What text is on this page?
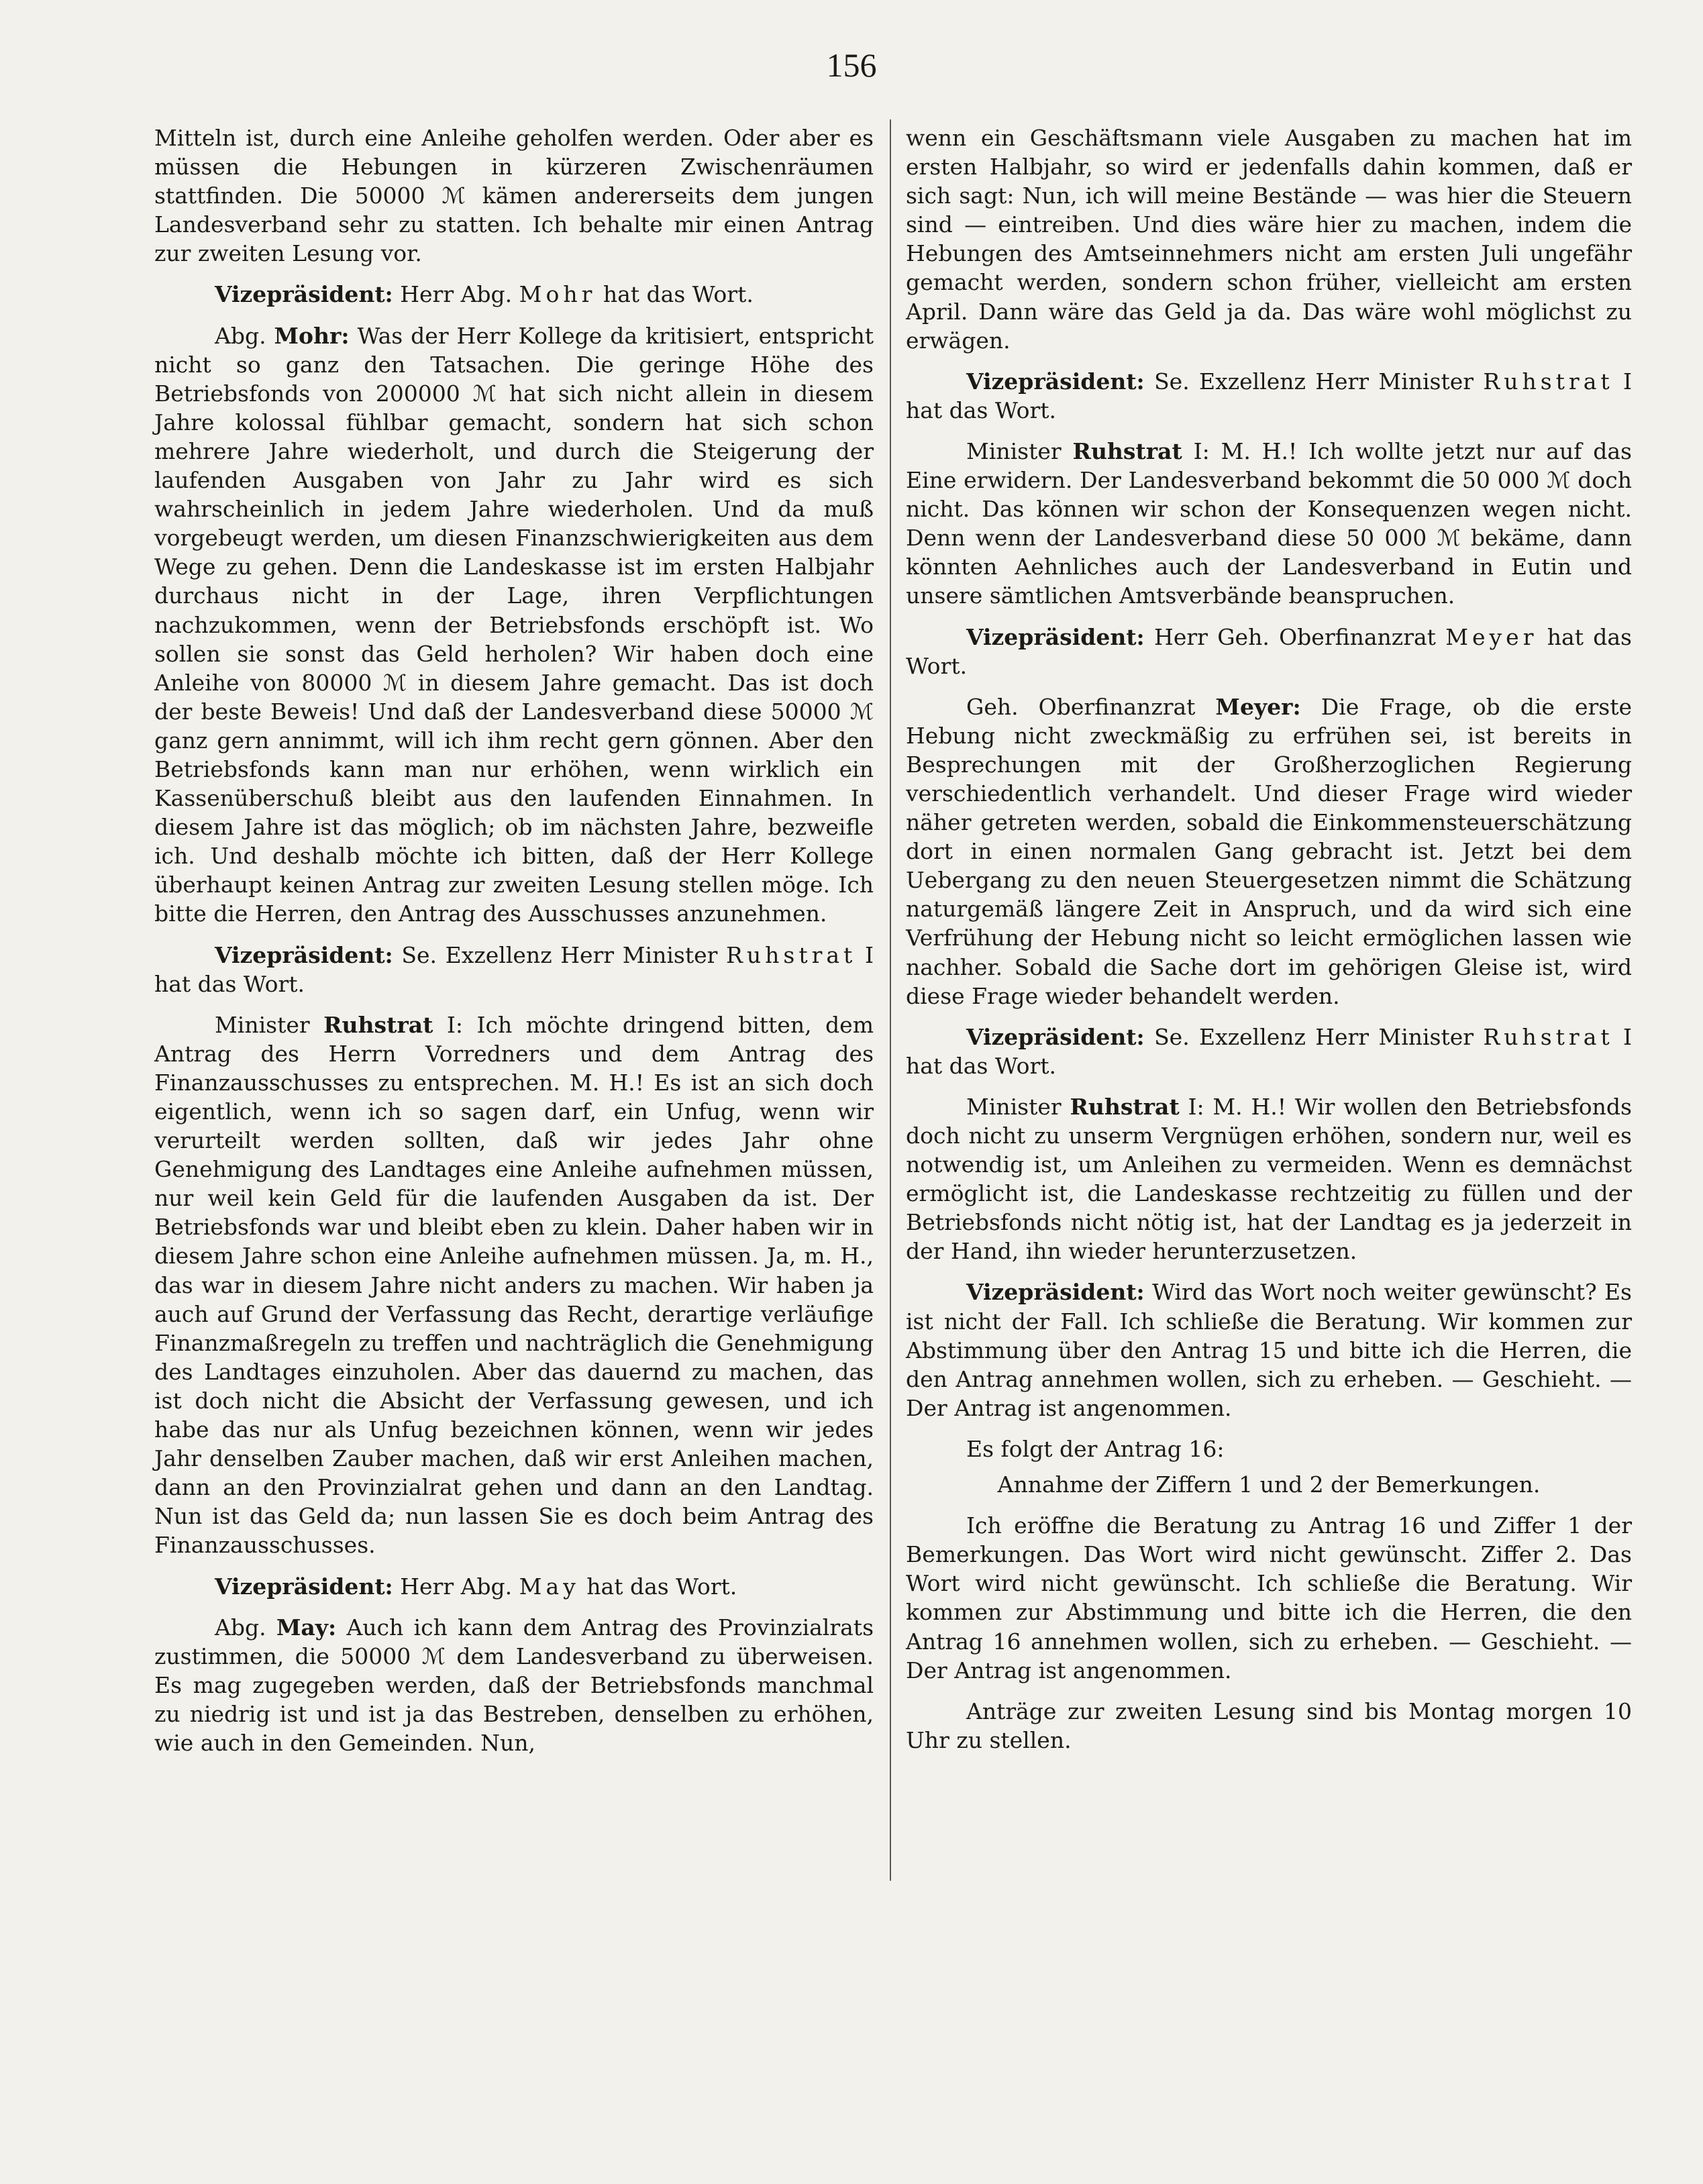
156

Mitteln ist, durch eine Anleihe geholfen werden. Oder aber es müssen die Hebungen in kürzeren Zwischenräumen stattfinden. Die 50000 ℳ kämen andererseits dem jungen Landesverband sehr zu statten. Ich behalte mir einen Antrag zur zweiten Lesung vor.

Vizepräsident: Herr Abg. Mohr hat das Wort.

Abg. Mohr: Was der Herr Kollege da kritisiert, entspricht nicht so ganz den Tatsachen. Die geringe Höhe des Betriebsfonds von 200000 ℳ hat sich nicht allein in diesem Jahre kolossal fühlbar gemacht, sondern hat sich schon mehrere Jahre wiederholt, und durch die Steigerung der laufenden Ausgaben von Jahr zu Jahr wird es sich wahrscheinlich in jedem Jahre wiederholen. Und da muß vorgebeugt werden, um diesen Finanzschwierigkeiten aus dem Wege zu gehen. Denn die Landeskasse ist im ersten Halbjahr durchaus nicht in der Lage, ihren Verpflichtungen nachzukommen, wenn der Betriebsfonds erschöpft ist. Wo sollen sie sonst das Geld herholen? Wir haben doch eine Anleihe von 80000 ℳ in diesem Jahre gemacht. Das ist doch der beste Beweis! Und daß der Landesverband diese 50000 ℳ ganz gern annimmt, will ich ihm recht gern gönnen. Aber den Betriebsfonds kann man nur erhöhen, wenn wirklich ein Kassenüberschuß bleibt aus den laufenden Einnahmen. In diesem Jahre ist das möglich; ob im nächsten Jahre, bezweifle ich. Und deshalb möchte ich bitten, daß der Herr Kollege überhaupt keinen Antrag zur zweiten Lesung stellen möge. Ich bitte die Herren, den Antrag des Ausschusses anzunehmen.

Vizepräsident: Se. Exzellenz Herr Minister Ruhstrat I hat das Wort.

Minister Ruhstrat I: Ich möchte dringend bitten, dem Antrag des Herrn Vorredners und dem Antrag des Finanzausschusses zu entsprechen. M. H.! Es ist an sich doch eigentlich, wenn ich so sagen darf, ein Unfug, wenn wir verurteilt werden sollten, daß wir jedes Jahr ohne Genehmigung des Landtages eine Anleihe aufnehmen müssen, nur weil kein Geld für die laufenden Ausgaben da ist. Der Betriebsfonds war und bleibt eben zu klein. Daher haben wir in diesem Jahre schon eine Anleihe aufnehmen müssen. Ja, m. H., das war in diesem Jahre nicht anders zu machen. Wir haben ja auch auf Grund der Verfassung das Recht, derartige verläufige Finanzmaßregeln zu treffen und nachträglich die Genehmigung des Landtages einzuholen. Aber das dauernd zu machen, das ist doch nicht die Absicht der Verfassung gewesen, und ich habe das nur als Unfug bezeichnen können, wenn wir jedes Jahr denselben Zauber machen, daß wir erst Anleihen machen, dann an den Provinzialrat gehen und dann an den Landtag. Nun ist das Geld da; nun lassen Sie es doch beim Antrag des Finanzausschusses.

Vizepräsident: Herr Abg. May hat das Wort.

Abg. May: Auch ich kann dem Antrag des Provinzialrats zustimmen, die 50000 ℳ dem Landesverband zu überweisen. Es mag zugegeben werden, daß der Betriebsfonds manchmal zu niedrig ist und ist ja das Bestreben, denselben zu erhöhen, wie auch in den Gemeinden. Nun,

wenn ein Geschäftsmann viele Ausgaben zu machen hat im ersten Halbjahr, so wird er jedenfalls dahin kommen, daß er sich sagt: Nun, ich will meine Bestände — was hier die Steuern sind — eintreiben. Und dies wäre hier zu machen, indem die Hebungen des Amtseinnehmers nicht am ersten Juli ungefähr gemacht werden, sondern schon früher, vielleicht am ersten April. Dann wäre das Geld ja da. Das wäre wohl möglichst zu erwägen.

Vizepräsident: Se. Exzellenz Herr Minister Ruhstrat I hat das Wort.

Minister Ruhstrat I: M. H.! Ich wollte jetzt nur auf das Eine erwidern. Der Landesverband bekommt die 50 000 ℳ doch nicht. Das können wir schon der Konsequenzen wegen nicht. Denn wenn der Landesverband diese 50 000 ℳ bekäme, dann könnten Aehnliches auch der Landesverband in Eutin und unsere sämtlichen Amtsverbände beanspruchen.

Vizepräsident: Herr Geh. Oberfinanzrat Meyer hat das Wort.

Geh. Oberfinanzrat Meyer: Die Frage, ob die erste Hebung nicht zweckmäßig zu erfrühen sei, ist bereits in Besprechungen mit der Großherzoglichen Regierung verschiedentlich verhandelt. Und dieser Frage wird wieder näher getreten werden, sobald die Einkommensteuerschätzung dort in einen normalen Gang gebracht ist. Jetzt bei dem Uebergang zu den neuen Steuergesetzen nimmt die Schätzung naturgemäß längere Zeit in Anspruch, und da wird sich eine Verfrühung der Hebung nicht so leicht ermöglichen lassen wie nachher. Sobald die Sache dort im gehörigen Gleise ist, wird diese Frage wieder behandelt werden.

Vizepräsident: Se. Exzellenz Herr Minister Ruhstrat I hat das Wort.

Minister Ruhstrat I: M. H.! Wir wollen den Betriebsfonds doch nicht zu unserm Vergnügen erhöhen, sondern nur, weil es notwendig ist, um Anleihen zu vermeiden. Wenn es demnächst ermöglicht ist, die Landeskasse rechtzeitig zu füllen und der Betriebsfonds nicht nötig ist, hat der Landtag es ja jederzeit in der Hand, ihn wieder herunterzusetzen.

Vizepräsident: Wird das Wort noch weiter gewünscht? Es ist nicht der Fall. Ich schließe die Beratung. Wir kommen zur Abstimmung über den Antrag 15 und bitte ich die Herren, die den Antrag annehmen wollen, sich zu erheben. — Geschieht. — Der Antrag ist angenommen.

Es folgt der Antrag 16:

Annahme der Ziffern 1 und 2 der Bemerkungen.

Ich eröffne die Beratung zu Antrag 16 und Ziffer 1 der Bemerkungen. Das Wort wird nicht gewünscht. Ziffer 2. Das Wort wird nicht gewünscht. Ich schließe die Beratung. Wir kommen zur Abstimmung und bitte ich die Herren, die den Antrag 16 annehmen wollen, sich zu erheben. — Geschieht. — Der Antrag ist angenommen.

Anträge zur zweiten Lesung sind bis Montag morgen 10 Uhr zu stellen.
